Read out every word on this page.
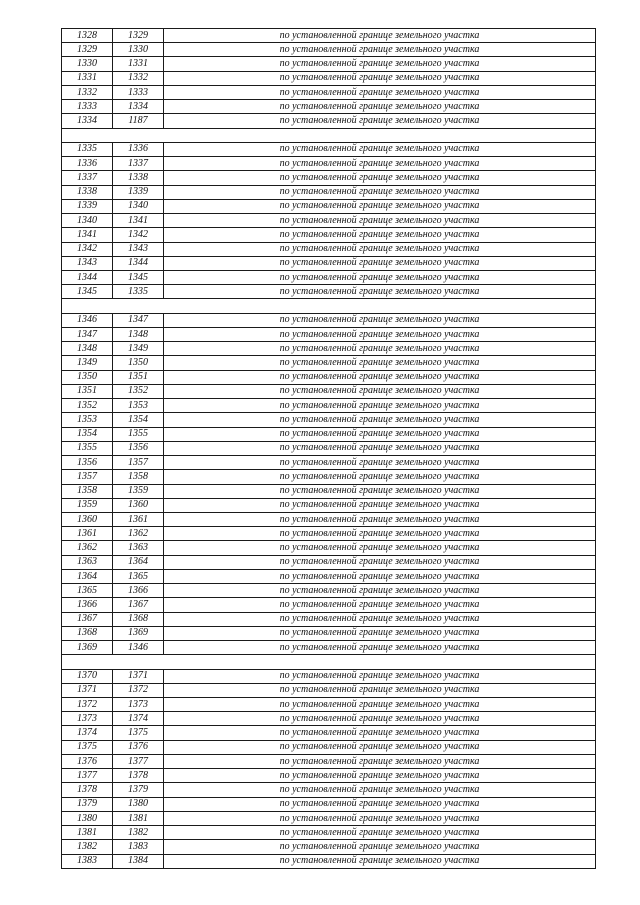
1328	1329	по установленной границе земельного участка
1329	1330	по установленной границе земельного участка
1330	1331	по установленной границе земельного участка
1331	1332	по установленной границе земельного участка
1332	1333	по установленной границе земельного участка
1333	1334	по установленной границе земельного участка
1334	1187	по установленной границе земельного участка

1335	1336	по установленной границе земельного участка
1336	1337	по установленной границе земельного участка
1337	1338	по установленной границе земельного участка
1338	1339	по установленной границе земельного участка
1339	1340	по установленной границе земельного участка
1340	1341	по установленной границе земельного участка
1341	1342	по установленной границе земельного участка
1342	1343	по установленной границе земельного участка
1343	1344	по установленной границе земельного участка
1344	1345	по установленной границе земельного участка
1345	1335	по установленной границе земельного участка

1346	1347	по установленной границе земельного участка
1347	1348	по установленной границе земельного участка
1348	1349	по установленной границе земельного участка
1349	1350	по установленной границе земельного участка
1350	1351	по установленной границе земельного участка
1351	1352	по установленной границе земельного участка
1352	1353	по установленной границе земельного участка
1353	1354	по установленной границе земельного участка
1354	1355	по установленной границе земельного участка
1355	1356	по установленной границе земельного участка
1356	1357	по установленной границе земельного участка
1357	1358	по установленной границе земельного участка
1358	1359	по установленной границе земельного участка
1359	1360	по установленной границе земельного участка
1360	1361	по установленной границе земельного участка
1361	1362	по установленной границе земельного участка
1362	1363	по установленной границе земельного участка
1363	1364	по установленной границе земельного участка
1364	1365	по установленной границе земельного участка
1365	1366	по установленной границе земельного участка
1366	1367	по установленной границе земельного участка
1367	1368	по установленной границе земельного участка
1368	1369	по установленной границе земельного участка
1369	1346	по установленной границе земельного участка

1370	1371	по установленной границе земельного участка
1371	1372	по установленной границе земельного участка
1372	1373	по установленной границе земельного участка
1373	1374	по установленной границе земельного участка
1374	1375	по установленной границе земельного участка
1375	1376	по установленной границе земельного участка
1376	1377	по установленной границе земельного участка
1377	1378	по установленной границе земельного участка
1378	1379	по установленной границе земельного участка
1379	1380	по установленной границе земельного участка
1380	1381	по установленной границе земельного участка
1381	1382	по установленной границе земельного участка
1382	1383	по установленной границе земельного участка
1383	1384	по установленной границе земельного участка
